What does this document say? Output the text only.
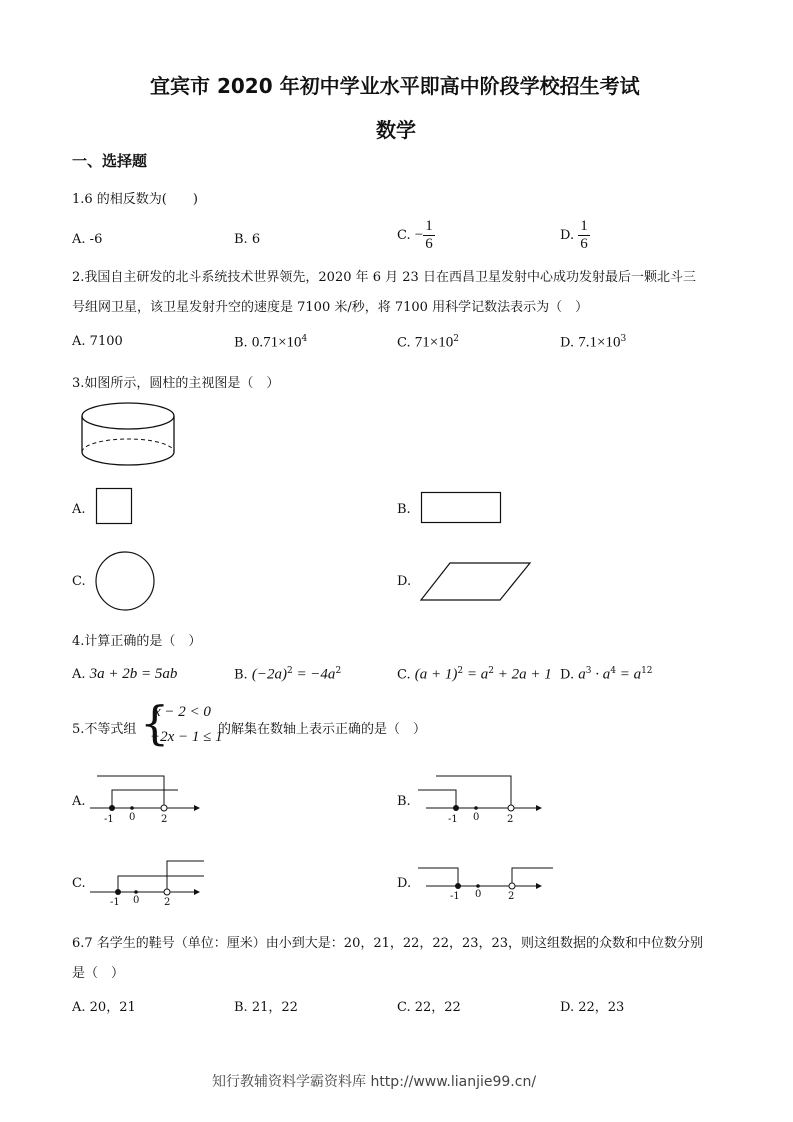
宜宾市 2020 年初中学业水平即高中阶段学校招生考试
数学
一、选择题
1.6 的相反数为(　　)
A. -6	B. 6	C. − $\frac{1}{6}$	D. $\frac{1}{6}$
2.我国自主研发的北斗系统技术世界领先，2020 年 6 月 23 日在西昌卫星发射中心成功发射最后一颗北斗三
号组网卫星，该卫星发射升空的速度是 7100 米/秒，将 7100 用科学记数法表示为（　）
A. 7100	B. $0.71\times 10^4$	C. $71\times 10^2$	D. $7.1\times 10^3$
3.如图所示，圆柱的主视图是（　）
A.	B.
C.	D.
4.计算正确的是（　）
A. 3a + 2b = 5ab	B. $(-2a)^2 = -4a^2$	C. $(a + 1)^2 = a^2 + 2a + 1$ D. $a^3 \cdot a^4 = a^{12}$
5.不等式组 {
x − 2 < 0
−2x − 1 ≤ 1
的解集在数轴上表示正确的是（　）
A.
-1 0	2
B.
-1 0	2
C.
-1 0 2
D.
-1 0	2
6.7 名学生的鞋号（单位：厘米）由小到大是：20，21，22，22，23，23，则这组数据的众数和中位数分别
是（　）
A. 20，21	B. 21，22	C. 22，22	D. 22，23
知行教辅资料学霸资料库 http://www.lianjie99.cn/
